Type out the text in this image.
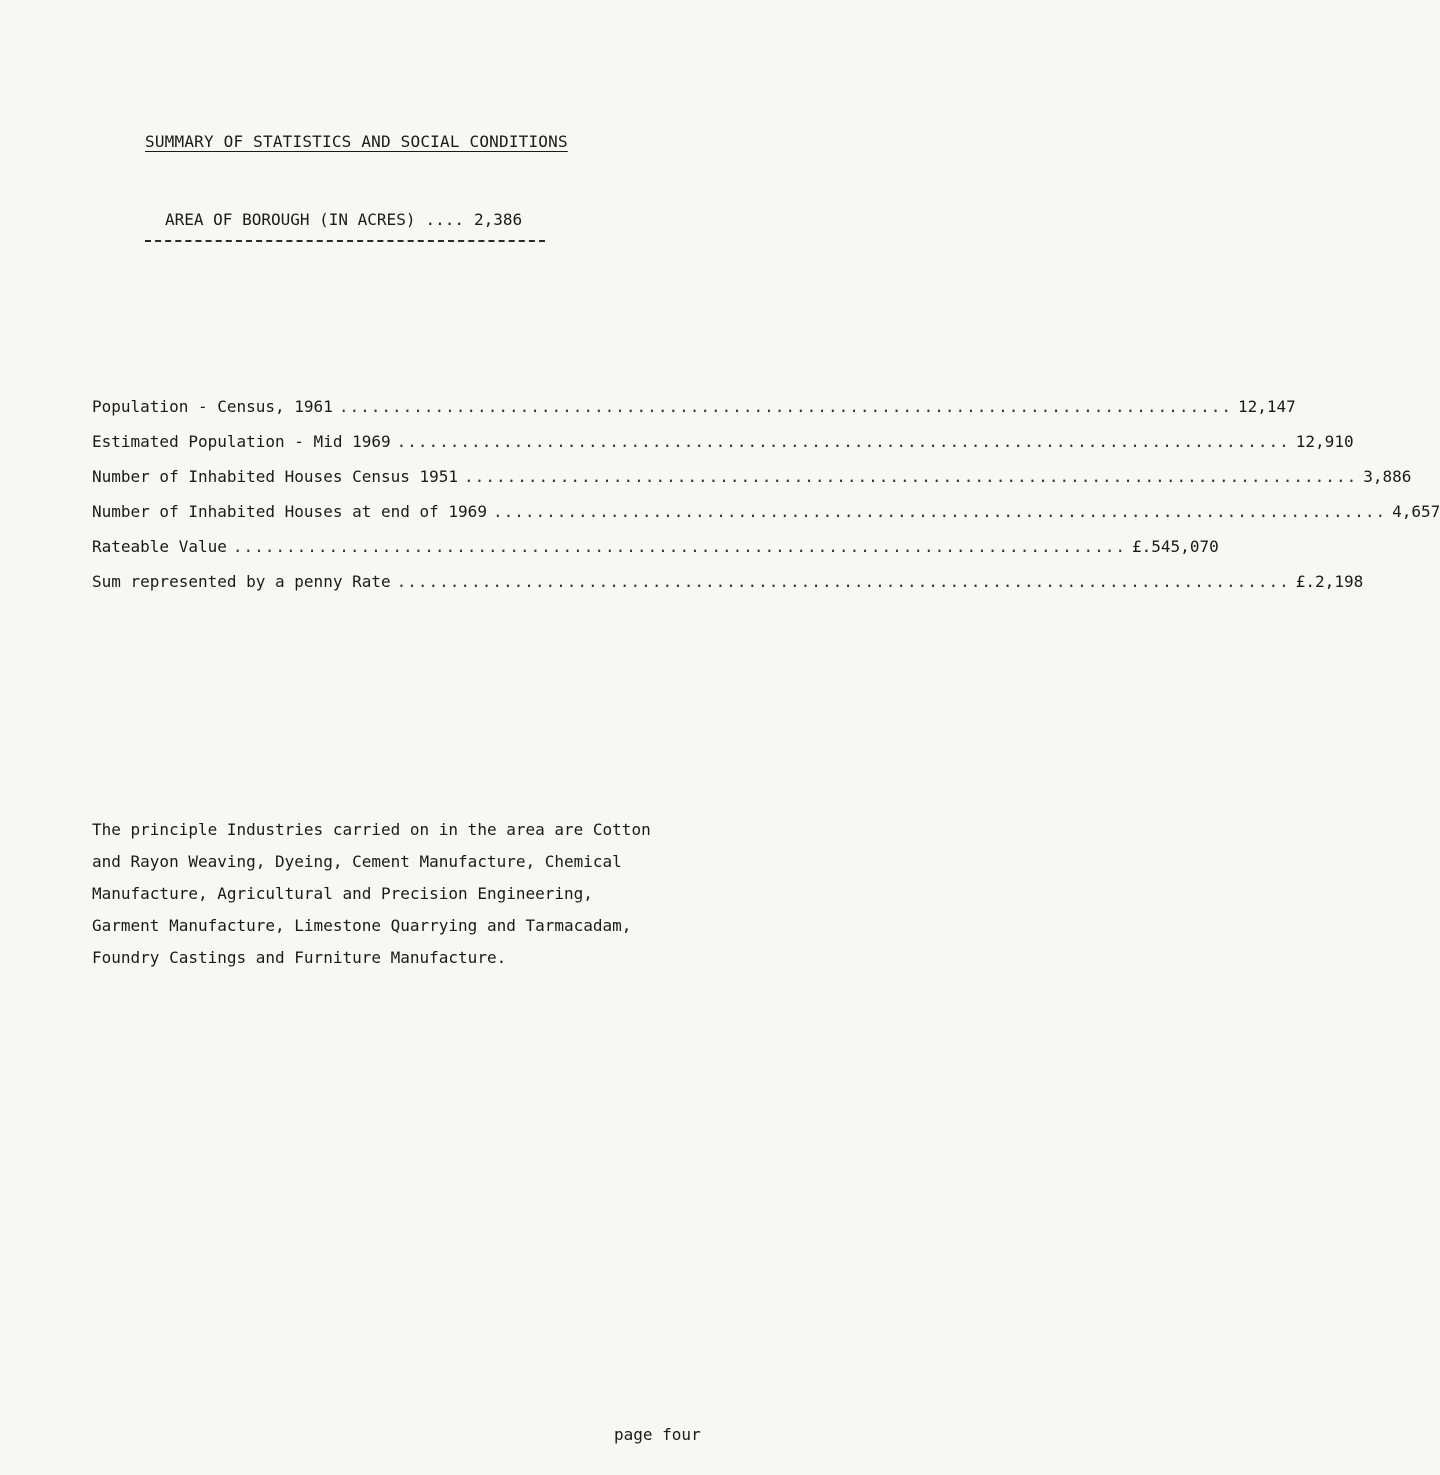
SUMMARY OF STATISTICS AND SOCIAL CONDITIONS
AREA OF BOROUGH (IN ACRES) .... 2,386
Population - Census, 1961 .................................................................................... 12,147
Estimated Population - Mid 1969 .................................................................................... 12,910
Number of Inhabited Houses Census 1951 .................................................................................... 3,886
Number of Inhabited Houses at end of 1969 .................................................................................... 4,657
Rateable Value .................................................................................... £.545,070
Sum represented by a penny Rate .................................................................................... £.2,198
The principle Industries carried on in the area are Cotton
and Rayon Weaving, Dyeing, Cement Manufacture, Chemical
Manufacture, Agricultural and Precision Engineering,
Garment Manufacture, Limestone Quarrying and Tarmacadam,
Foundry Castings and Furniture Manufacture.
page four
